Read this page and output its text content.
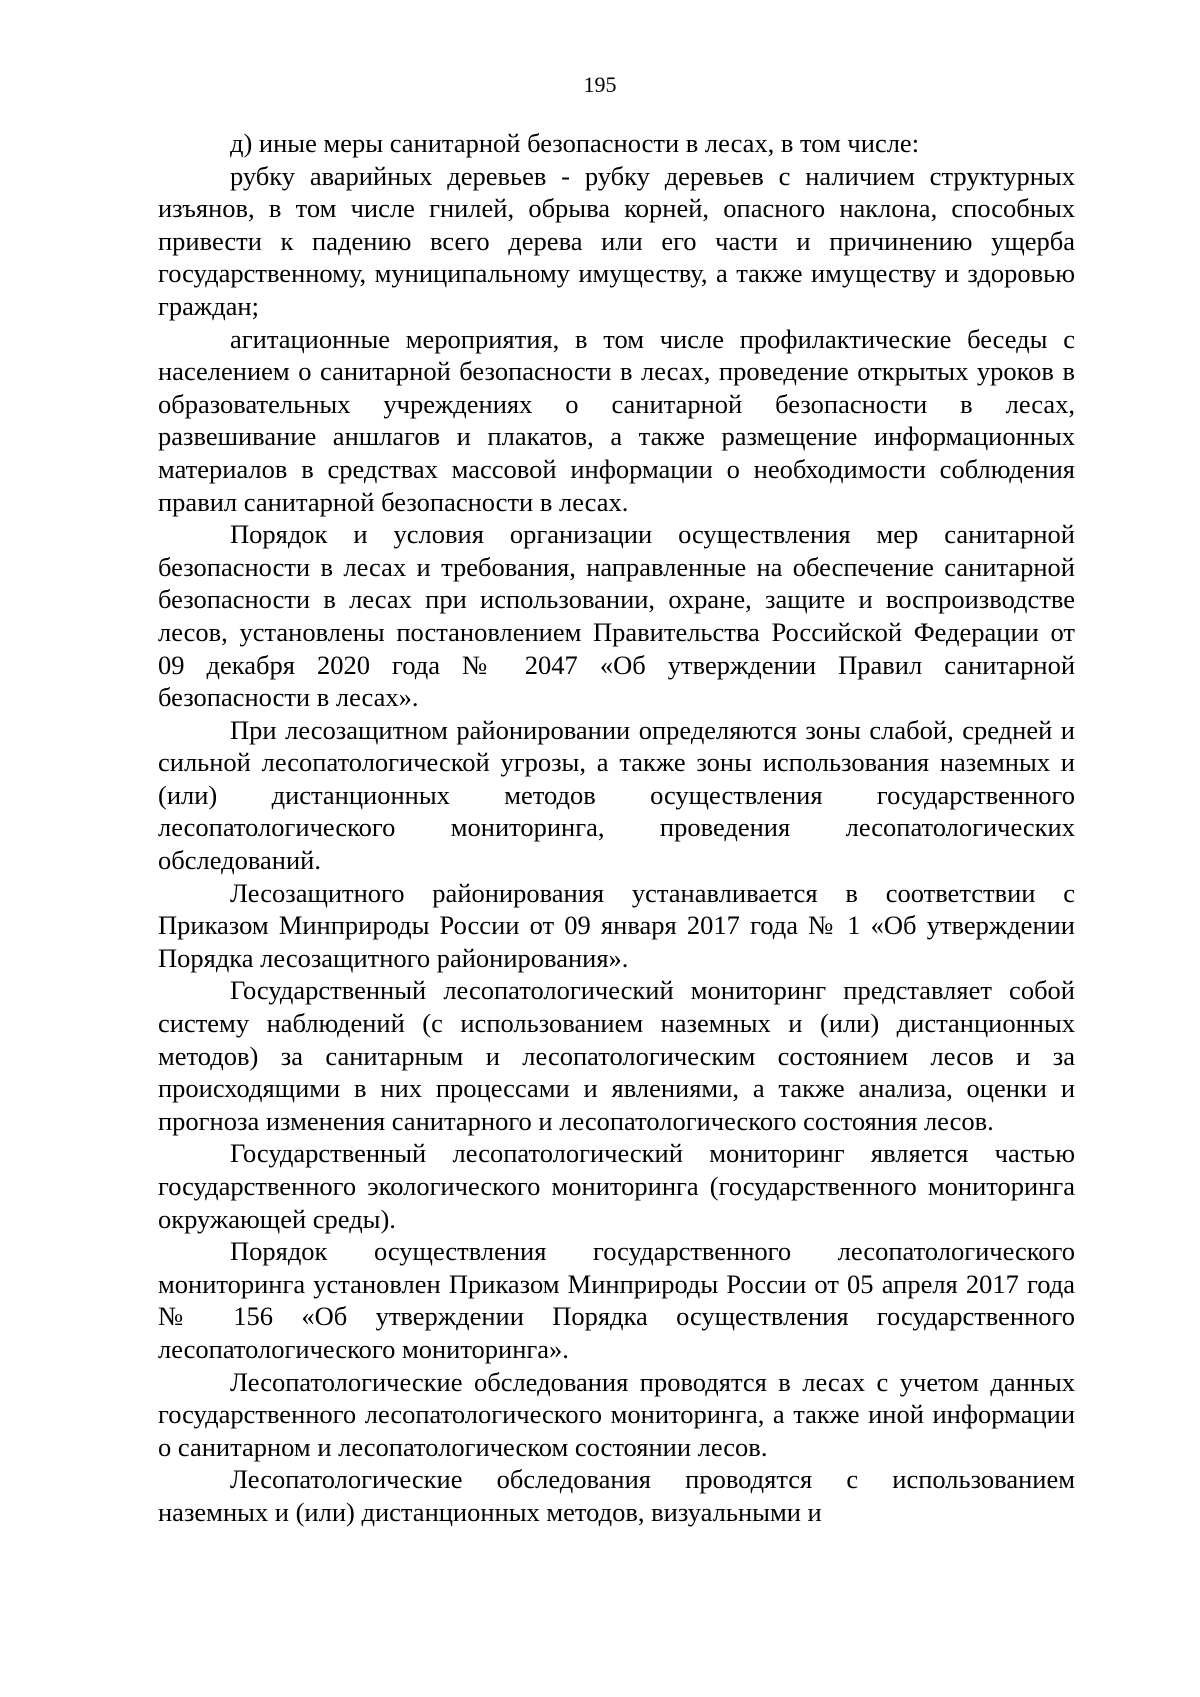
195

д) иные меры санитарной безопасности в лесах, в том числе:

рубку аварийных деревьев - рубку деревьев с наличием структурных изъянов, в том числе гнилей, обрыва корней, опасного наклона, способных привести к падению всего дерева или его части и причинению ущерба государственному, муниципальному имуществу, а также имуществу и здоровью граждан;

агитационные мероприятия, в том числе профилактические беседы с населением о санитарной безопасности в лесах, проведение открытых уроков в образовательных учреждениях о санитарной безопасности в лесах, развешивание аншлагов и плакатов, а также размещение информационных материалов в средствах массовой информации о необходимости соблюдения правил санитарной безопасности в лесах.

Порядок и условия организации осуществления мер санитарной безопасности в лесах и требования, направленные на обеспечение санитарной безопасности в лесах при использовании, охране, защите и воспроизводстве лесов, установлены постановлением Правительства Российской Федерации от 09 декабря 2020 года № 2047 «Об утверждении Правил санитарной безопасности в лесах».

При лесозащитном районировании определяются зоны слабой, средней и сильной лесопатологической угрозы, а также зоны использования наземных и (или) дистанционных методов осуществления государственного лесопатологического мониторинга, проведения лесопатологических обследований.

Лесозащитного районирования устанавливается в соответствии с Приказом Минприроды России от 09 января 2017 года № 1 «Об утверждении Порядка лесозащитного районирования».

Государственный лесопатологический мониторинг представляет собой систему наблюдений (с использованием наземных и (или) дистанционных методов) за санитарным и лесопатологическим состоянием лесов и за происходящими в них процессами и явлениями, а также анализа, оценки и прогноза изменения санитарного и лесопатологического состояния лесов.

Государственный лесопатологический мониторинг является частью государственного экологического мониторинга (государственного мониторинга окружающей среды).

Порядок осуществления государственного лесопатологического мониторинга установлен Приказом Минприроды России от 05 апреля 2017 года № 156 «Об утверждении Порядка осуществления государственного лесопатологического мониторинга».

Лесопатологические обследования проводятся в лесах с учетом данных государственного лесопатологического мониторинга, а также иной информации о санитарном и лесопатологическом состоянии лесов.

Лесопатологические обследования проводятся с использованием наземных и (или) дистанционных методов, визуальными и
